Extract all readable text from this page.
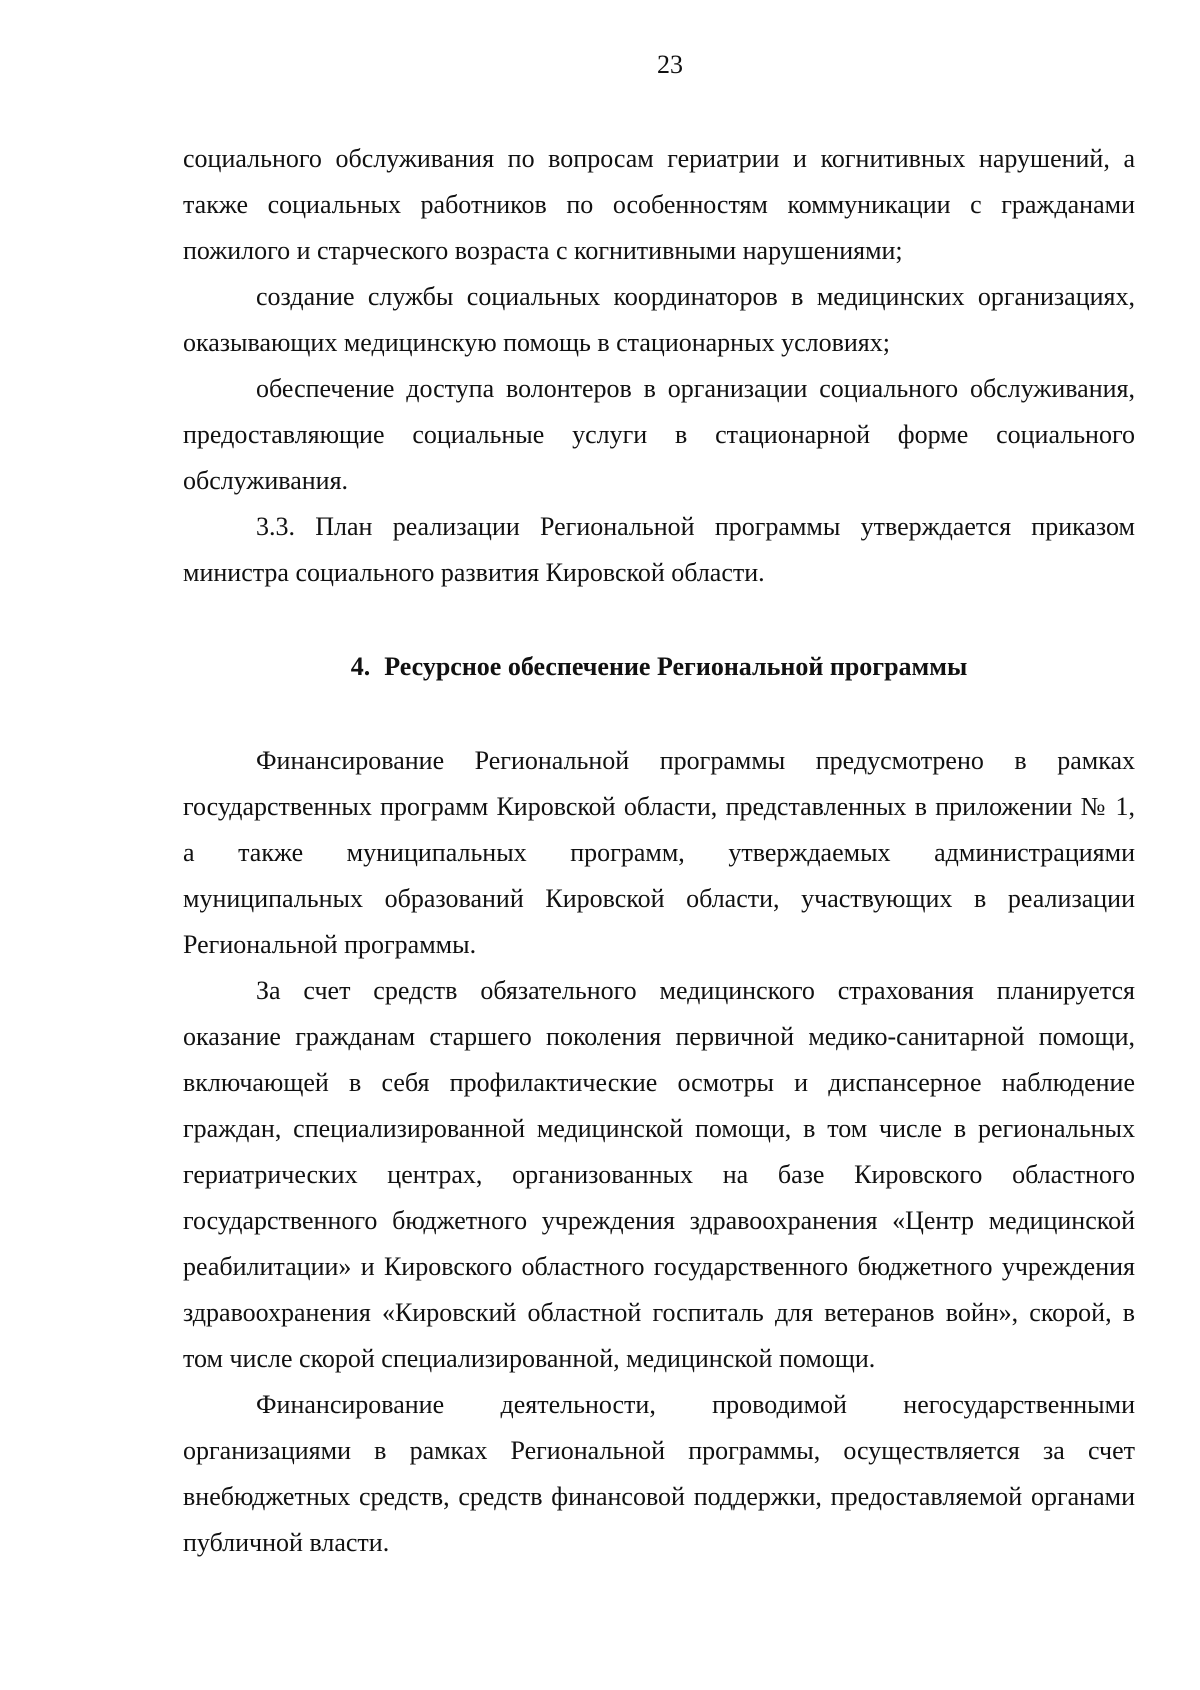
23

социального обслуживания по вопросам гериатрии и когнитивных нарушений, а также социальных работников по особенностям коммуникации с гражданами пожилого и старческого возраста с когнитивными нарушениями;

создание службы социальных координаторов в медицинских организациях, оказывающих медицинскую помощь в стационарных условиях;

обеспечение доступа волонтеров в организации социального обслуживания, предоставляющие социальные услуги в стационарной форме социального обслуживания.

3.3. План реализации Региональной программы утверждается приказом министра социального развития Кировской области.

4. Ресурсное обеспечение Региональной программы

Финансирование Региональной программы предусмотрено в рамках государственных программ Кировской области, представленных в приложении № 1, а также муниципальных программ, утверждаемых администрациями муниципальных образований Кировской области, участвующих в реализации Региональной программы.

За счет средств обязательного медицинского страхования планируется оказание гражданам старшего поколения первичной медико-санитарной помощи, включающей в себя профилактические осмотры и диспансерное наблюдение граждан, специализированной медицинской помощи, в том числе в региональных гериатрических центрах, организованных на базе Кировского областного государственного бюджетного учреждения здравоохранения «Центр медицинской реабилитации» и Кировского областного государственного бюджетного учреждения здравоохранения «Кировский областной госпиталь для ветеранов войн», скорой, в том числе скорой специализированной, медицинской помощи.

Финансирование деятельности, проводимой негосударственными организациями в рамках Региональной программы, осуществляется за счет внебюджетных средств, средств финансовой поддержки, предоставляемой органами публичной власти.
